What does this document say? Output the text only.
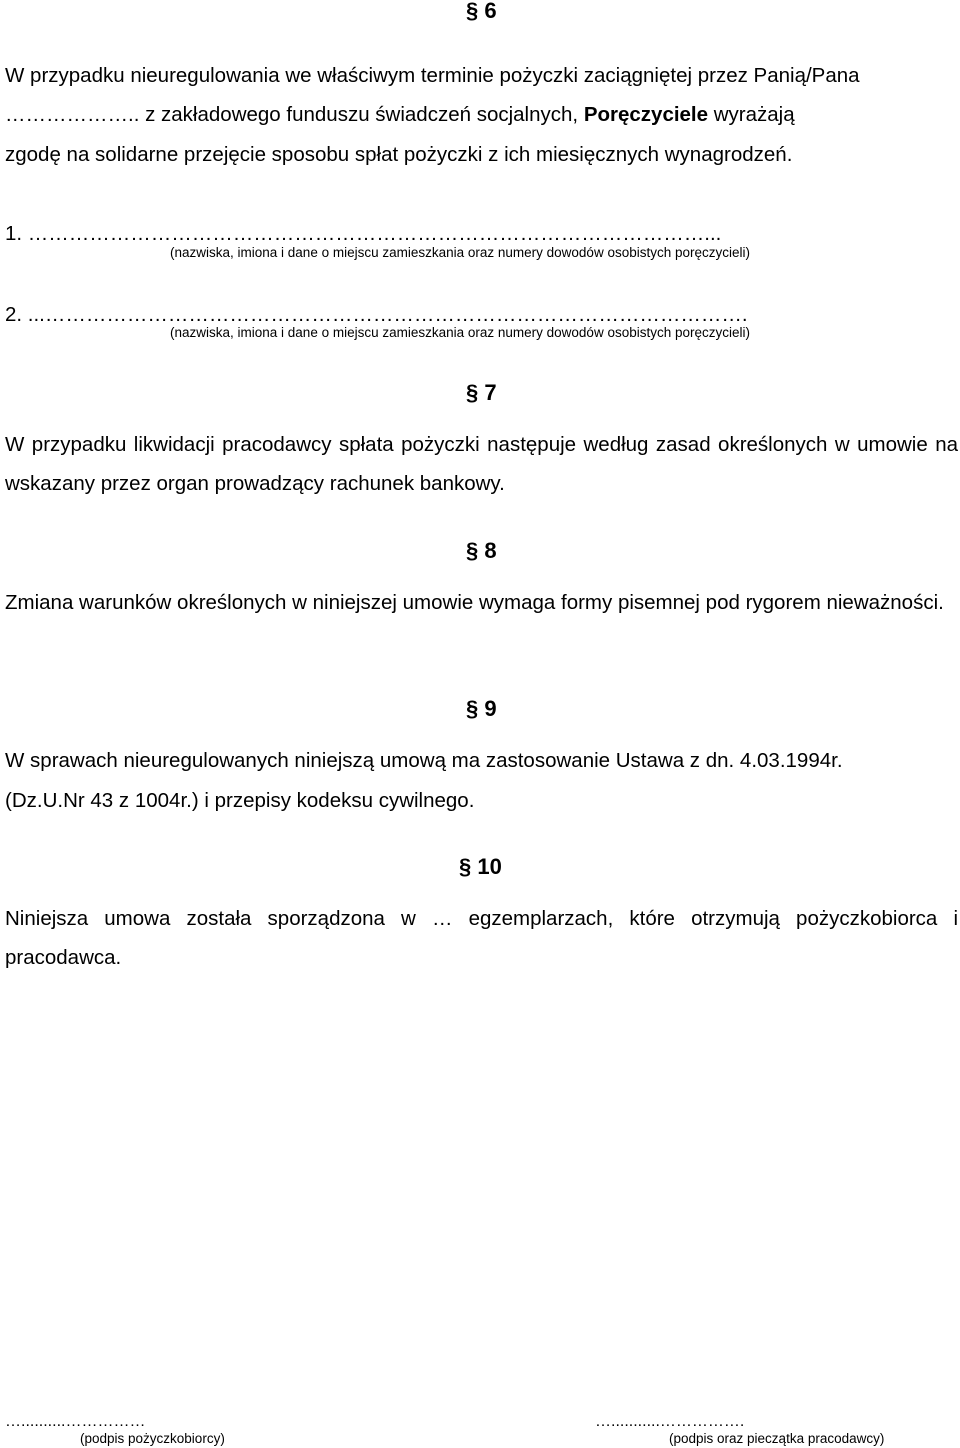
§ 6
W przypadku nieuregulowania we właściwym terminie pożyczki zaciągniętej przez Panią/Pana
……………….. z zakładowego funduszu świadczeń socjalnych, Poręczyciele wyrażają
zgodę na solidarne przejęcie sposobu spłat pożyczki z ich miesięcznych wynagrodzeń.
1. ………………………………………………………………………………………...
(nazwiska, imiona i dane o miejscu zamieszkania oraz numery dowodów osobistych poręczycieli)
2. ...………………………………………………………………………………………….
(nazwiska, imiona i dane o miejscu zamieszkania oraz numery dowodów osobistych poręczycieli)
§ 7

W przypadku likwidacji pracodawcy spłata pożyczki następuje według zasad określonych w umowie na wskazany przez organ prowadzący rachunek bankowy.

§ 8

Zmiana warunków określonych w niniejszej umowie wymaga formy pisemnej pod rygorem nieważności.

§ 9
W sprawach nieuregulowanych niniejszą umową ma zastosowanie Ustawa z dn. 4.03.1994r.
(Dz.U.Nr 43 z 1004r.) i przepisy kodeksu cywilnego.
§ 10

Niniejsza umowa została sporządzona w … egzemplarzach, które otrzymują pożyczkobiorca i pracodawca.

…..........……………
(podpis pożyczkobiorcy)
…...........…………….
(podpis oraz pieczątka pracodawcy)
